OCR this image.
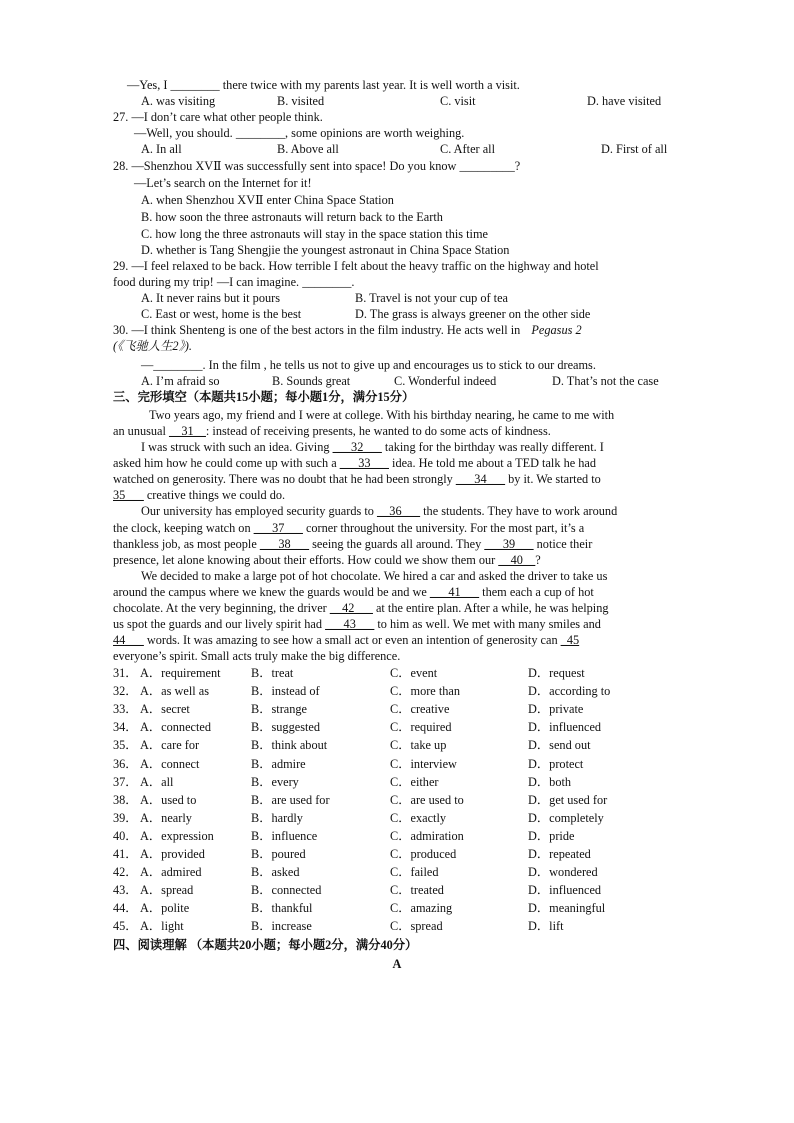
—Yes, I ________ there twice with my parents last year. It is well worth a visit.
A. was visiting	B. visited	C. visit	D. have visited
27. —I don’t care what other people think.
—Well, you should. ________, some opinions are worth weighing.
A. In all	B. Above all	C. After all	D. First of all
28. —Shenzhou XVⅡ was successfully sent into space! Do you know _________?
—Let’s search on the Internet for it!
A. when Shenzhou XVⅡ enter China Space Station
B. how soon the three astronauts will return back to the Earth
C. how long the three astronauts will stay in the space station this time
D. whether is Tang Shengjie the youngest astronaut in China Space Station
29. —I feel relaxed to be back. How terrible I felt about the heavy traffic on the highway and hotel
food during my trip! —I can imagine. ________.
A. It never rains but it pours	B. Travel is not your cup of tea
C. East or west, home is the best	D. The grass is always greener on the other side
30. —I think Shenteng is one of the best actors in the film industry. He acts well in Pegasus 2
(《飞驰人生2》).
—________. In the film , he tells us not to give up and encourages us to stick to our dreams.
A. I’m afraid so	B. Sounds great	C. Wonderful indeed	D. That’s not the case
三、完形填空（本题共15小题；每小题1分，满分15分）
Two years ago, my friend and I were at college. With his birthday nearing, he came to me with
an unusual __31__: instead of receiving presents, he wanted to do some acts of kindness.
I was struck with such an idea. Giving ___32___ taking for the birthday was really different. I
asked him how he could come up with such a ___33___ idea. He told me about a TED talk he had
watched on generosity. There was no doubt that he had been strongly ___34___ by it. We started to
35___ creative things we could do.
Our university has employed security guards to __36___ the students. They have to work around
the clock, keeping watch on ___37___ corner throughout the university. For the most part, it’s a
thankless job, as most people ___38___ seeing the guards all around. They ___39___ notice their
presence, let alone knowing about their efforts. How could we show them our __40__?
We decided to make a large pot of hot chocolate. We hired a car and asked the driver to take us
around the campus where we knew the guards would be and we ___41___ them each a cup of hot
chocolate. At the very beginning, the driver __42___ at the entire plan. After a while, he was helping
us spot the guards and our lively spirit had ___43___ to him as well. We met with many smiles and
44___ words. It was amazing to see how a small act or even an intention of generosity can _45
everyone’s spirit. Small acts truly make the big difference.
31． A．requirement B．treat	C．event	D．request
32． A．as well as	B．instead of	C．more than	D．according to
33． A．secret	B．strange	C．creative	D．private
34． A．connected	B．suggested	C．required	D．influenced
35． A．care for	B．think about	C．take up	D．send out
36． A．connect	B．admire	C．interview	D．protect
37． A．all	B．every	C．either	D．both
38． A．used to	B．are used for	C．are used to	D．get used for
39． A．nearly	B．hardly	C．exactly	D．completely
40． A．expression	B．influence	C．admiration	D．pride
41． A．provided	B．poured	C．produced	D．repeated
42． A．admired	B．asked	C．failed	D．wondered
43． A．spread	B．connected	C．treated	D．influenced
44． A．polite	B．thankful	C．amazing	D．meaningful
45． A．light	B．increase	C．spread	D．lift
四、阅读理解 （本题共20小题；每小题2分，满分40分）
A
